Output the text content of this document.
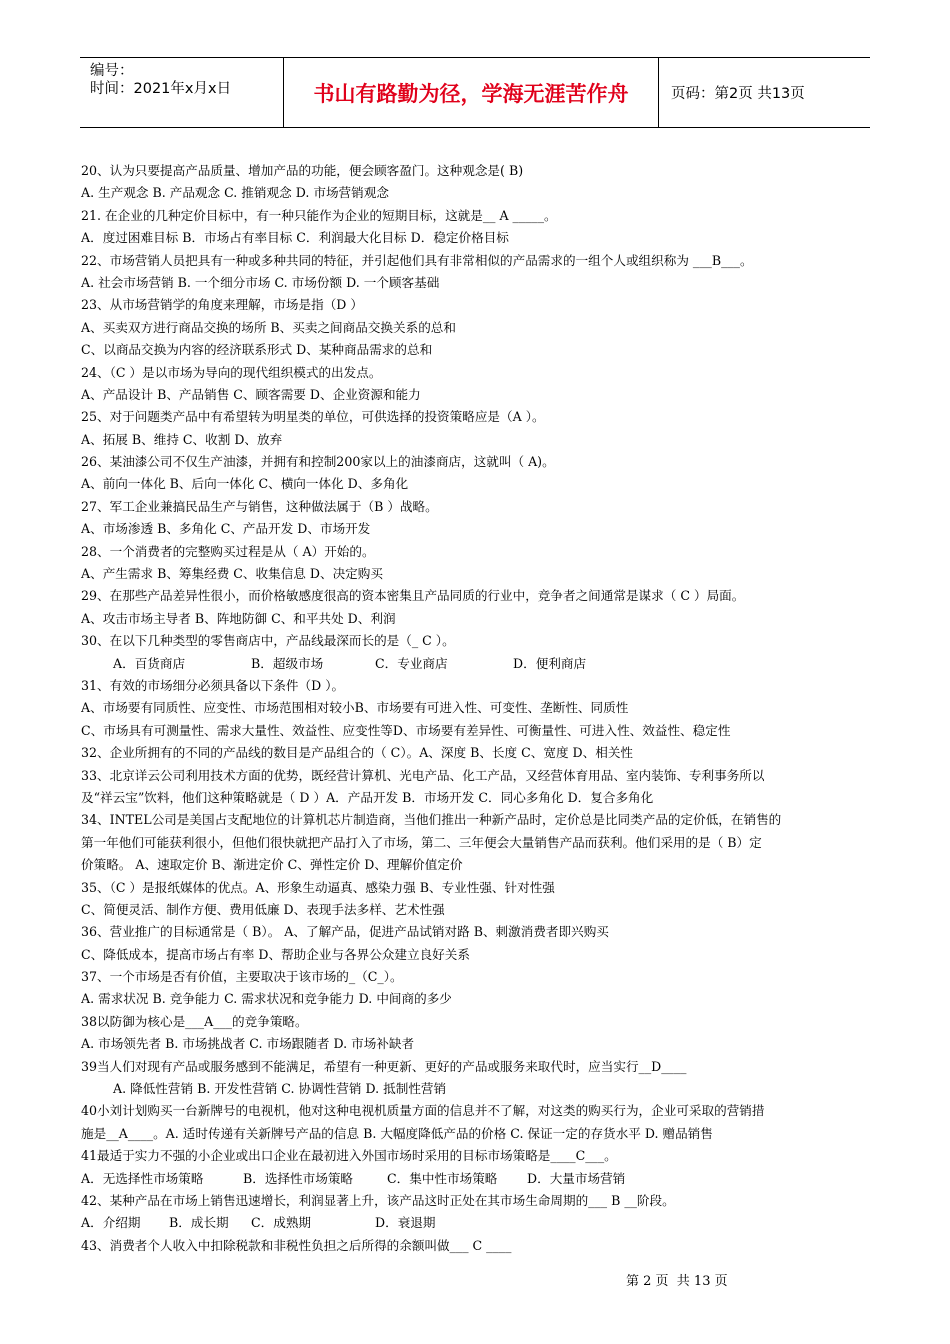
编号：
时间：2021年x月x日	书山有路勤为径，学海无涯苦作舟	页码：第2页 共13页
20、认为只要提高产品质量、增加产品的功能，便会顾客盈门。这种观念是( B)
A. 生产观念 B. 产品观念 C. 推销观念 D. 市场营销观念
21. 在企业的几种定价目标中，有一种只能作为企业的短期目标，这就是__ A _____。
A．度过困难目标 B．市场占有率目标 C．利润最大化目标 D．稳定价格目标
22、市场营销人员把具有一种或多种共同的特征，并引起他们具有非常相似的产品需求的一组个人或组织称为 ___B___。
A. 社会市场营销 B. 一个细分市场 C. 市场份额 D. 一个顾客基础
23、从市场营销学的角度来理解，市场是指（D ）
A、买卖双方进行商品交换的场所 B、买卖之间商品交换关系的总和
C、以商品交换为内容的经济联系形式 D、某种商品需求的总和
24、（C ）是以市场为导向的现代组织模式的出发点。
A、产品设计 B、产品销售 C、顾客需要 D、企业资源和能力
25、对于问题类产品中有希望转为明星类的单位，可供选择的投资策略应是（A ）。
A、拓展 B、维持 C、收割 D、放弃
26、某油漆公司不仅生产油漆，并拥有和控制200家以上的油漆商店，这就叫（ A)。
A、前向一体化 B、后向一体化 C、横向一体化 D、多角化
27、军工企业兼搞民品生产与销售，这种做法属于（B ）战略。
A、市场渗透 B、多角化 C、产品开发 D、市场开发
28、一个消费者的完整购买过程是从（ A）开始的。
A、产生需求 B、筹集经费 C、收集信息 D、决定购买
29、在那些产品差异性很小，而价格敏感度很高的资本密集且产品同质的行业中，竞争者之间通常是谋求（ C ）局面。
A、攻击市场主导者 B、阵地防御 C、和平共处 D、利润
30、在以下几种类型的零售商店中，产品线最深而长的是（_ C ）。
A．百货商店	B．超级市场	C．专业商店	D．便利商店
31、有效的市场细分必须具备以下条件（D ）。
A、市场要有同质性、应变性、市场范围相对较小B、市场要有可进入性、可变性、垄断性、同质性
C、市场具有可测量性、需求大量性、效益性、应变性等D、市场要有差异性、可衡量性、可进入性、效益性、稳定性
32、企业所拥有的不同的产品线的数目是产品组合的（ C）。A、深度 B、长度 C、宽度 D、相关性
33、北京详云公司利用技术方面的优势，既经营计算机、光电产品、化工产品，又经营体育用品、室内装饰、专利事务所以
及“祥云宝”饮料，他们这种策略就是（ D ）A．产品开发 B．市场开发 C．同心多角化 D．复合多角化
34、INTEL公司是美国占支配地位的计算机芯片制造商，当他们推出一种新产品时，定价总是比同类产品的定价低，在销售的
第一年他们可能获利很小，但他们很快就把产品打入了市场，第二、三年便会大量销售产品而获利。他们采用的是（ B）定
价策略。 A、速取定价 B、渐进定价 C、弹性定价 D、理解价值定价
35、（C ）是报纸媒体的优点。A、形象生动逼真、感染力强 B、专业性强、针对性强
C、简便灵活、制作方便、费用低廉 D、表现手法多样、艺术性强
36、营业推广的目标通常是（ B）。 A、了解产品，促进产品试销对路 B、刺激消费者即兴购买
C、降低成本，提高市场占有率 D、帮助企业与各界公众建立良好关系
37、一个市场是否有价值，主要取决于该市场的_（C_）。
A. 需求状况 B. 竞争能力 C. 需求状况和竞争能力 D. 中间商的多少
38以防御为核心是___A___的竞争策略。
A. 市场领先者 B. 市场挑战者 C. 市场跟随者 D. 市场补缺者
39当人们对现有产品或服务感到不能满足，希望有一种更新、更好的产品或服务来取代时，应当实行__D____
A. 降低性营销 B. 开发性营销 C. 协调性营销 D. 抵制性营销
40小刘计划购买一台新牌号的电视机，他对这种电视机质量方面的信息并不了解，对这类的购买行为，企业可采取的营销措
施是__A____。A. 适时传递有关新牌号产品的信息 B. 大幅度降低产品的价格 C. 保证一定的存货水平 D. 赠品销售
41最适于实力不强的小企业或出口企业在最初进入外国市场时采用的目标市场策略是____C___。
A．无选择性市场策略	B．选择性市场策略	C．集中性市场策略	D．大量市场营销
42、某种产品在市场上销售迅速增长，利润显著上升，该产品这时正处在其市场生命周期的___ B __阶段。
A．介绍期	B．成长期	C．成熟期	D．衰退期
43、消费者个人收入中扣除税款和非税性负担之后所得的余额叫做___ C ____
第 2 页  共 13 页
